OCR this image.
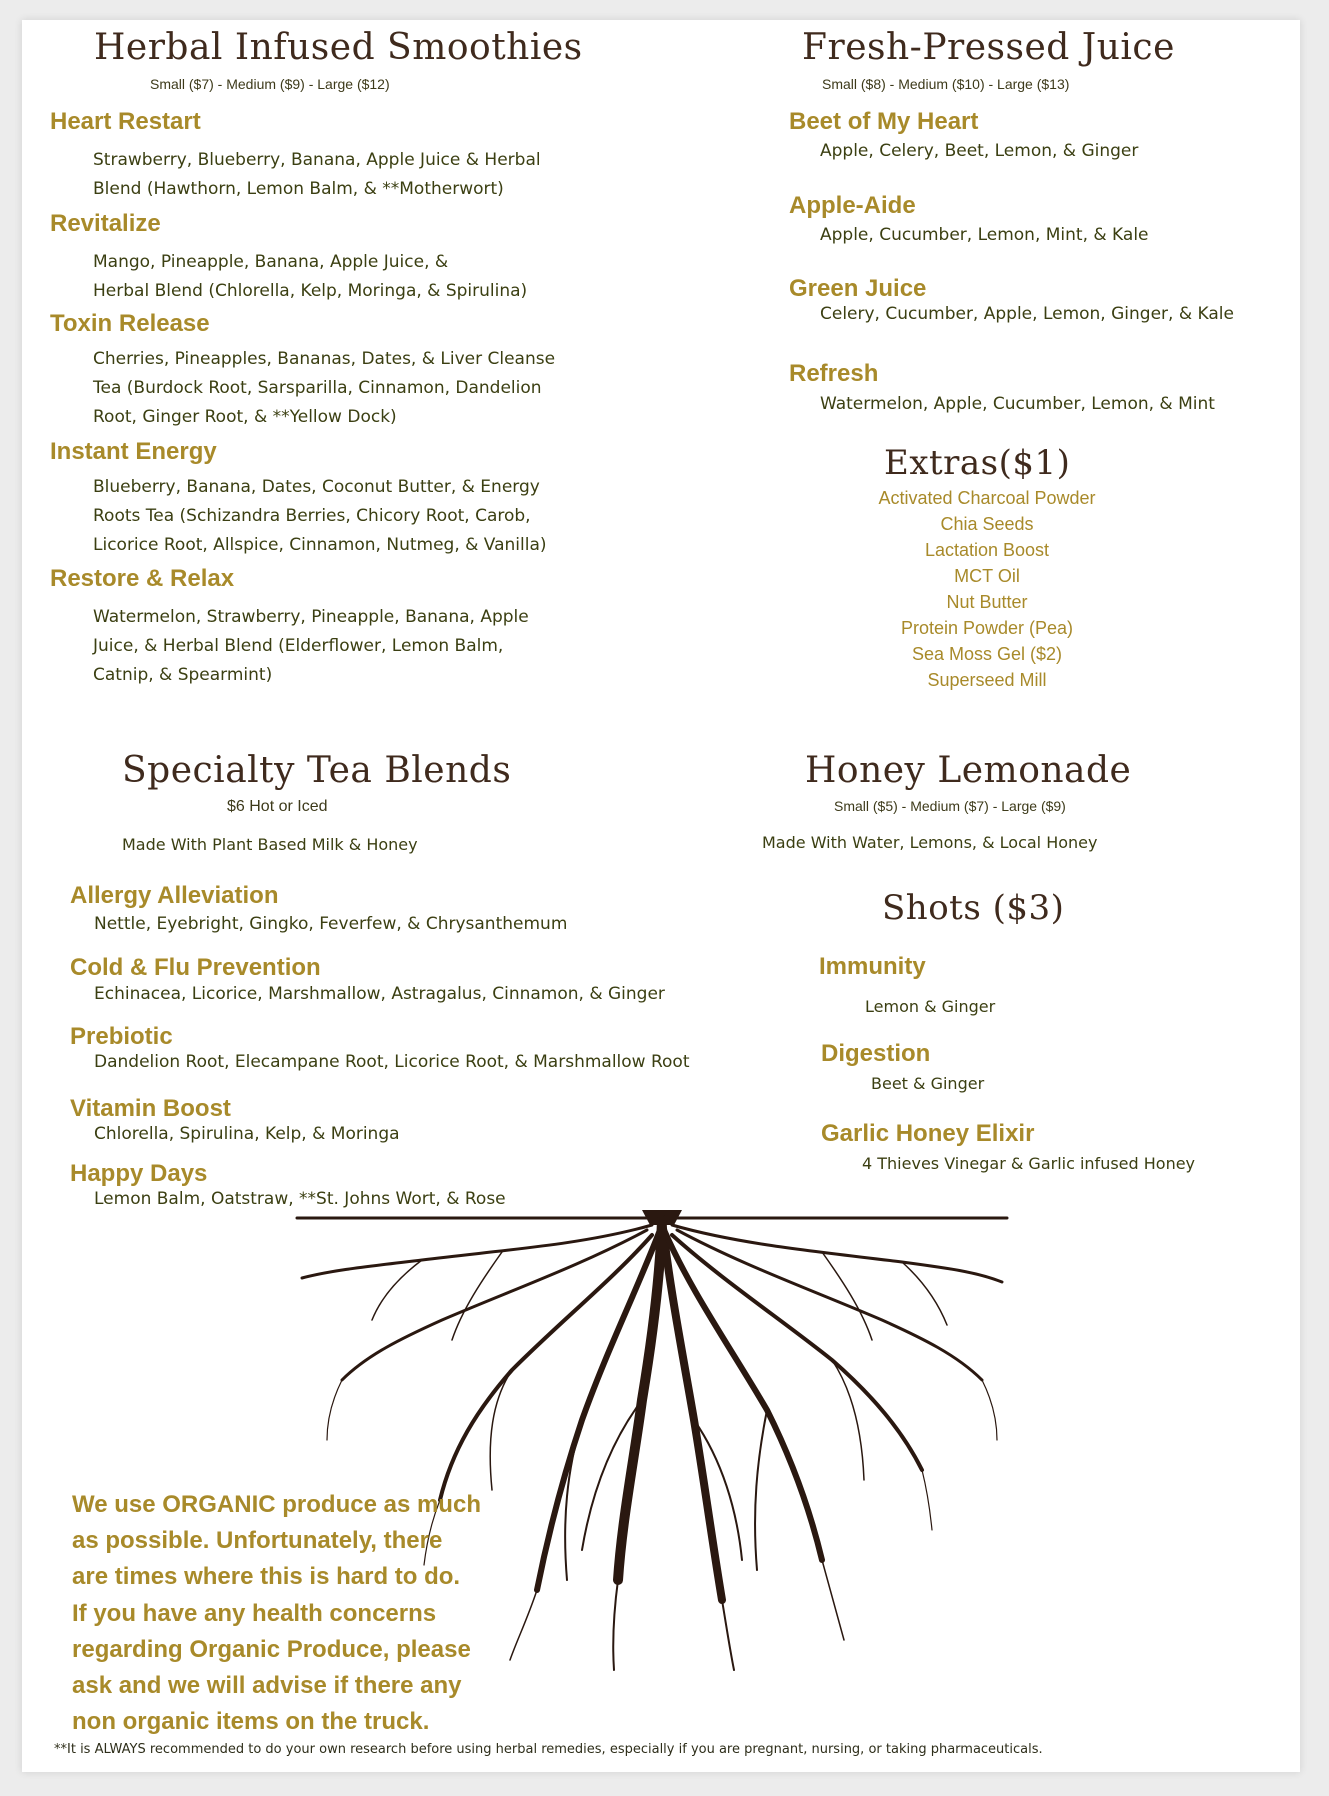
Herbal Infused Smoothies
Small ($7) - Medium ($9) - Large ($12)
Heart Restart
Strawberry, Blueberry, Banana, Apple Juice & Herbal
Blend (Hawthorn, Lemon Balm, & **Motherwort)
Revitalize
Mango, Pineapple, Banana, Apple Juice, &
Herbal Blend (Chlorella, Kelp, Moringa, & Spirulina)
Toxin Release
Cherries, Pineapples, Bananas, Dates, & Liver Cleanse
Tea (Burdock Root, Sarsparilla, Cinnamon, Dandelion
Root, Ginger Root, & **Yellow Dock)
Instant Energy
Blueberry, Banana, Dates, Coconut Butter, & Energy
Roots Tea (Schizandra Berries, Chicory Root, Carob,
Licorice Root, Allspice, Cinnamon, Nutmeg, & Vanilla)
Restore & Relax
Watermelon, Strawberry, Pineapple, Banana, Apple
Juice, & Herbal Blend (Elderflower, Lemon Balm,
Catnip, & Spearmint)
Fresh-Pressed Juice
Small ($8) - Medium ($10) - Large ($13)
Beet of My Heart
Apple, Celery, Beet, Lemon, & Ginger
Apple-Aide
Apple, Cucumber, Lemon, Mint, & Kale
Green Juice
Celery, Cucumber, Apple, Lemon, Ginger, & Kale
Refresh
Watermelon, Apple, Cucumber, Lemon, & Mint
Extras($1)
Activated Charcoal Powder
Chia Seeds
Lactation Boost
MCT Oil
Nut Butter
Protein Powder (Pea)
Sea Moss Gel ($2)
Superseed Mill
Specialty Tea Blends
$6 Hot or Iced
Made With Plant Based Milk & Honey
Allergy Alleviation
Nettle, Eyebright, Gingko, Feverfew, & Chrysanthemum
Cold & Flu Prevention
Echinacea, Licorice, Marshmallow, Astragalus, Cinnamon, & Ginger
Prebiotic
Dandelion Root, Elecampane Root, Licorice Root, & Marshmallow Root
Vitamin Boost
Chlorella, Spirulina, Kelp, & Moringa
Happy Days
Lemon Balm, Oatstraw, **St. Johns Wort, & Rose
Honey Lemonade
Small ($5) - Medium ($7) - Large ($9)
Made With Water, Lemons, & Local Honey
Shots ($3)
Immunity
Lemon & Ginger
Digestion
Beet & Ginger
Garlic Honey Elixir
4 Thieves Vinegar & Garlic infused Honey
We use ORGANIC produce as much
as possible. Unfortunately, there
are times where this is hard to do.
If you have any health concerns
regarding Organic Produce, please
ask and we will advise if there any
non organic items on the truck.
**It is ALWAYS recommended to do your own research before using herbal remedies, especially if you are pregnant, nursing, or taking pharmaceuticals.
